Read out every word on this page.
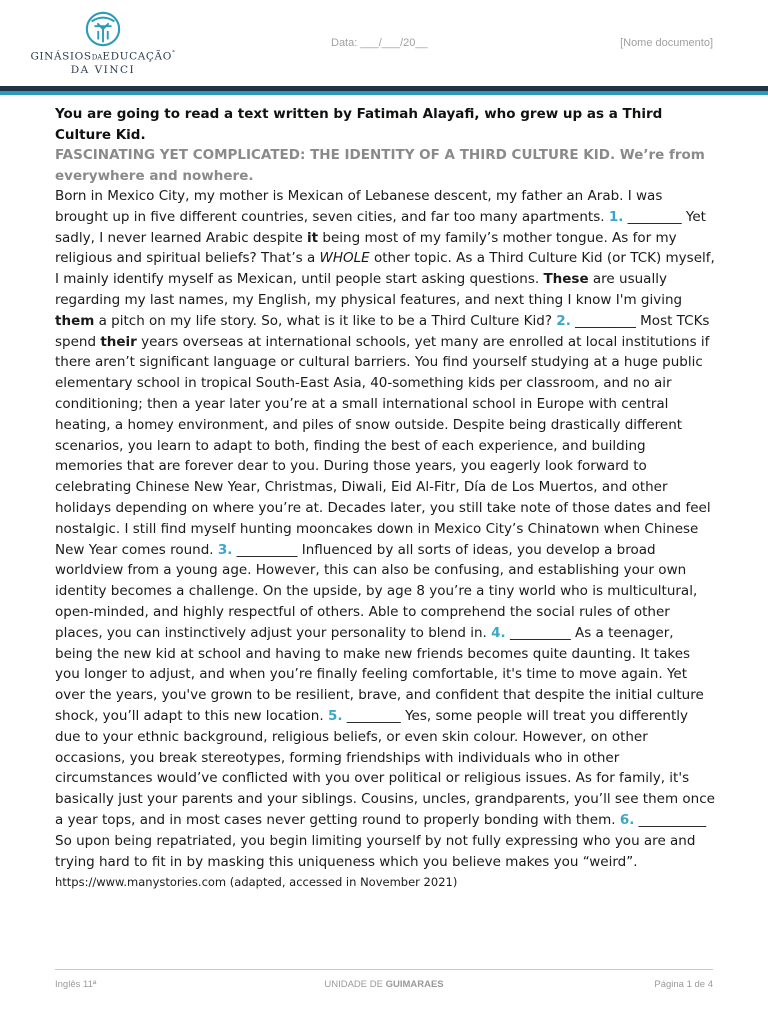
GINÁSIOSDAEDUCAÇÃO°
DA VINCI
Data: ___/___/20__	[Nome documento]

You are going to read a text written by Fatimah Alayafi, who grew up as a Third Culture Kid.

FASCINATING YET COMPLICATED: THE IDENTITY OF A THIRD CULTURE KID. We’re from everywhere and nowhere.

Born in Mexico City, my mother is Mexican of Lebanese descent, my father an Arab. I was brought up in five different countries, seven cities, and far too many apartments. 1. ________ Yet sadly, I never learned Arabic despite it being most of my family’s mother tongue. As for my religious and spiritual beliefs? That’s a WHOLE other topic. As a Third Culture Kid (or TCK) myself, I mainly identify myself as Mexican, until people start asking questions. These are usually regarding my last names, my English, my physical features, and next thing I know I'm giving them a pitch on my life story. So, what is it like to be a Third Culture Kid? 2. _________ Most TCKs spend their years overseas at international schools, yet many are enrolled at local institutions if there aren’t significant language or cultural barriers. You find yourself studying at a huge public elementary school in tropical South-East Asia, 40-something kids per classroom, and no air conditioning; then a year later you’re at a small international school in Europe with central heating, a homey environment, and piles of snow outside. Despite being drastically different scenarios, you learn to adapt to both, finding the best of each experience, and building memories that are forever dear to you. During those years, you eagerly look forward to celebrating Chinese New Year, Christmas, Diwali, Eid Al-Fitr, Día de Los Muertos, and other holidays depending on where you’re at. Decades later, you still take note of those dates and feel nostalgic. I still find myself hunting mooncakes down in Mexico City’s Chinatown when Chinese New Year comes round. 3. _________ Influenced by all sorts of ideas, you develop a broad worldview from a young age. However, this can also be confusing, and establishing your own identity becomes a challenge. On the upside, by age 8 you’re a tiny world who is multicultural, open-minded, and highly respectful of others. Able to comprehend the social rules of other places, you can instinctively adjust your personality to blend in. 4. _________ As a teenager, being the new kid at school and having to make new friends becomes quite daunting. It takes you longer to adjust, and when you’re finally feeling comfortable, it's time to move again. Yet over the years, you've grown to be resilient, brave, and confident that despite the initial culture shock, you’ll adapt to this new location. 5. ________ Yes, some people will treat you differently due to your ethnic background, religious beliefs, or even skin colour. However, on other occasions, you break stereotypes, forming friendships with individuals who in other circumstances would’ve conflicted with you over political or religious issues. As for family, it's basically just your parents and your siblings. Cousins, uncles, grandparents, you’ll see them once a year tops, and in most cases never getting round to properly bonding with them. 6. __________ So upon being repatriated, you begin limiting yourself by not fully expressing who you are and trying hard to fit in by masking this uniqueness which you believe makes you “weird”. https://www.manystories.com (adapted, accessed in November 2021)

Inglês 11ª	UNIDADE DE GUIMARAES	Página 1 de 4
